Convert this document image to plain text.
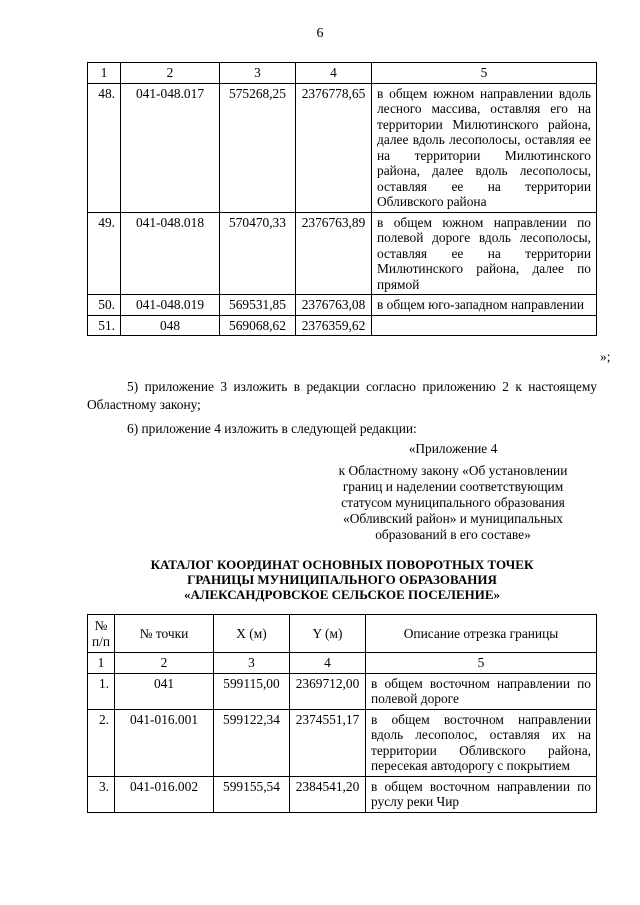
6
1	2	3	4	5
48.	041-048.017	575268,25	2376778,65	в общем южном направлении вдоль лесного массива, оставляя его на территории Милютинского района, далее вдоль лесополосы, оставляя ее на территории Милютинского района, далее вдоль лесополосы, оставляя ее на территории Обливского района
49.	041-048.018	570470,33	2376763,89	в общем южном направлении по полевой дороге вдоль лесополосы, оставляя ее на территории Милютинского района, далее по прямой
50.	041-048.019	569531,85	2376763,08	в общем юго-западном направлении
51.	048	569068,62	2376359,62	
»;
5) приложение 3 изложить в редакции согласно приложению 2 к настоящему Областному закону;
6) приложение 4 изложить в следующей редакции:
«Приложение 4
к Областному закону «Об установлении
границ и наделении соответствующим
статусом муниципального образования
«Обливский район» и муниципальных
образований в его составе»
КАТАЛОГ КООРДИНАТ ОСНОВНЫХ ПОВОРОТНЫХ ТОЧЕК
ГРАНИЦЫ МУНИЦИПАЛЬНОГО ОБРАЗОВАНИЯ
«АЛЕКСАНДРОВСКОЕ СЕЛЬСКОЕ ПОСЕЛЕНИЕ»
№
п/п	№ точки	X (м)	Y (м)	Описание отрезка границы
1	2	3	4	5
1.	041	599115,00	2369712,00	в общем восточном направлении по полевой дороге
2.	041-016.001	599122,34	2374551,17	в общем восточном направлении вдоль лесополос, оставляя их на территории Обливского района, пересекая автодорогу с покрытием
3.	041-016.002	599155,54	2384541,20	в общем восточном направлении по руслу реки Чир
